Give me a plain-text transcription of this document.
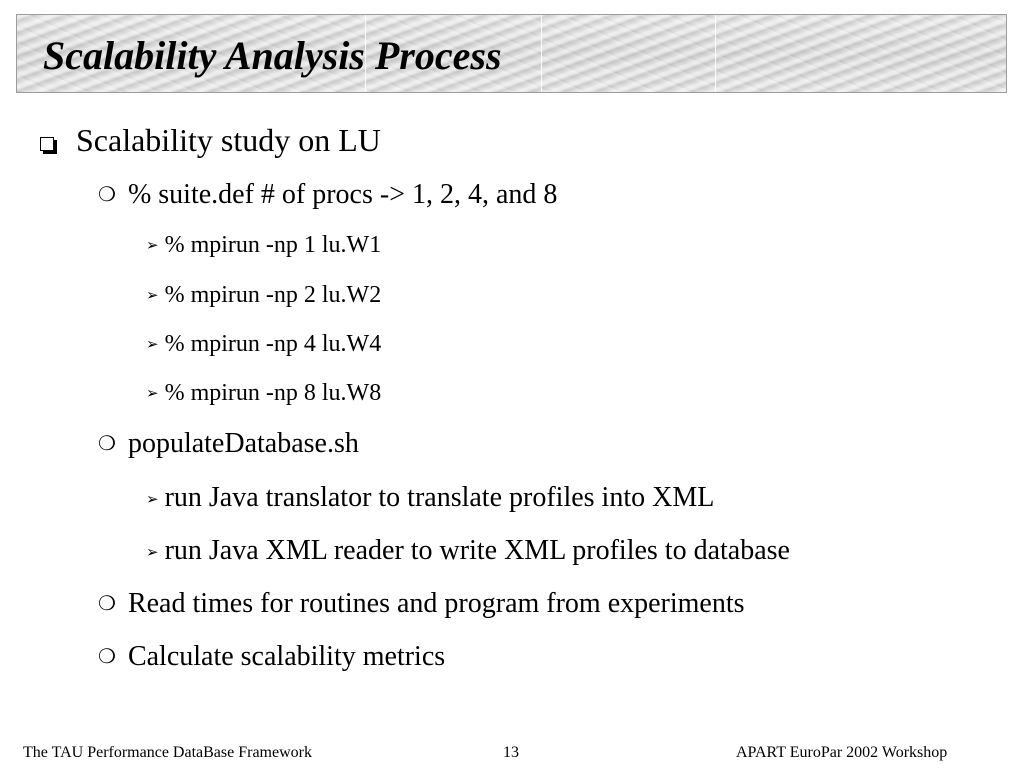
Scalability Analysis Process
Scalability study on LU
❍ % suite.def # of procs -> 1, 2, 4, and 8
➢ % mpirun -np 1 lu.W1
➢ % mpirun -np 2 lu.W2
➢ % mpirun -np 4 lu.W4
➢ % mpirun -np 8 lu.W8
❍ populateDatabase.sh
➢ run Java translator to translate profiles into XML
➢ run Java XML reader to write XML profiles to database
❍ Read times for routines and program from experiments
❍ Calculate scalability metrics
The TAU Performance DataBase Framework	13	APART EuroPar 2002 Workshop
